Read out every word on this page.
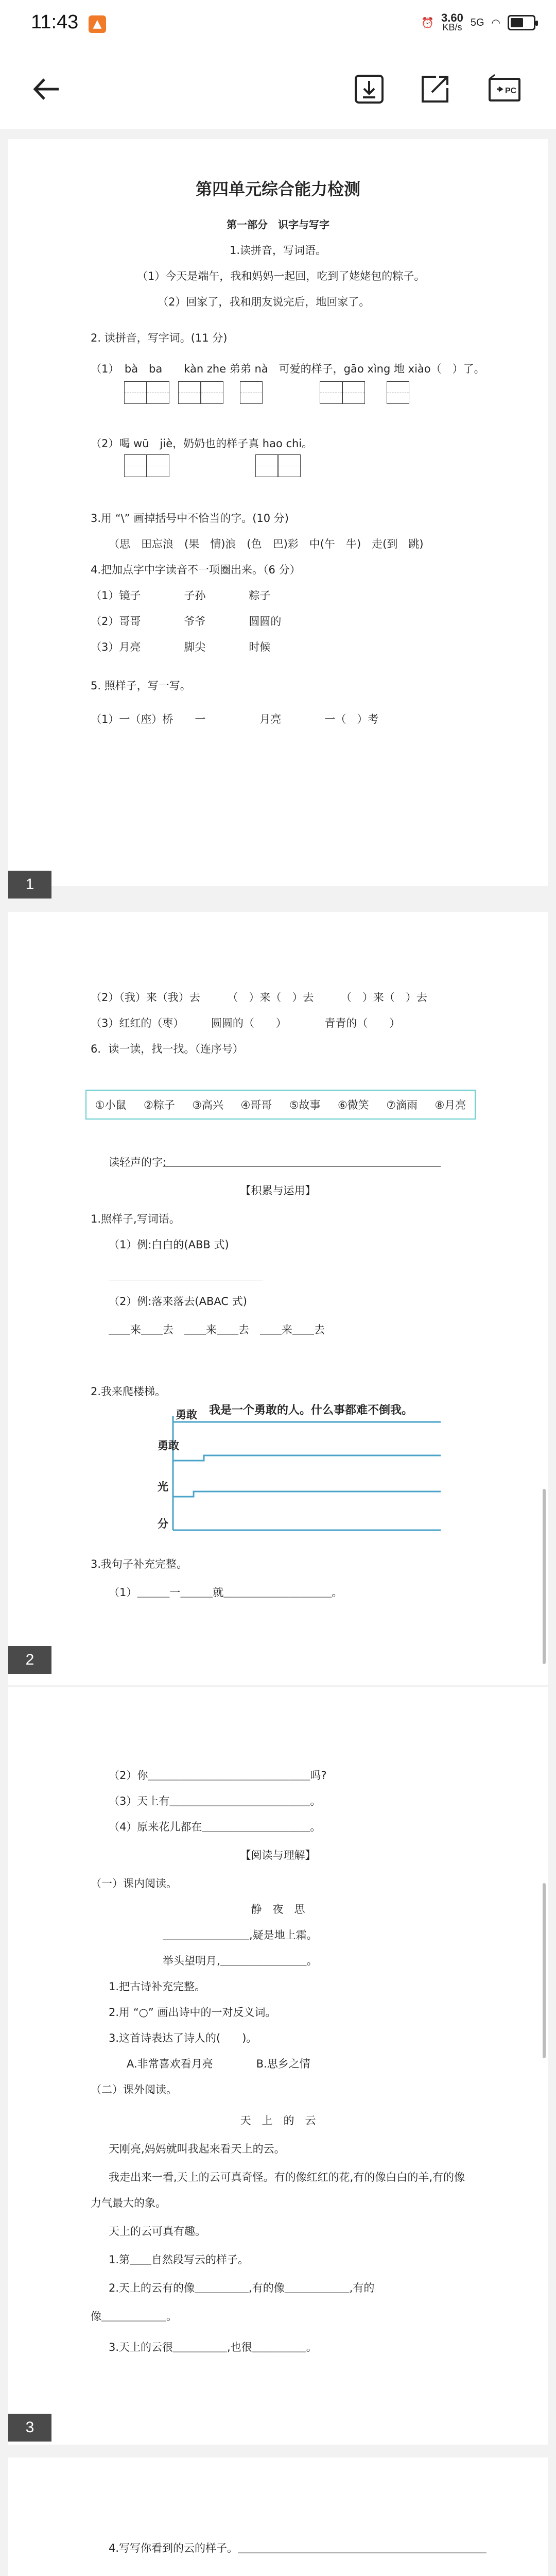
11:43	▲	⏰ 3.60
KB/s 5G ◠
PC
第四单元综合能力检测
第一部分　识字与写字
1.读拼音，写词语。
（1）今天是端午，我和妈妈一起回，吃到了姥姥包的粽子。
（2）回家了，我和朋友说完后，地回家了。
2. 读拼音，写字词。(11 分)
（1）　bà　ba　　kàn zhe 弟弟 nà　可爱的样子，gāo xìng 地 xiào（　）了。
（2）喝 wū　jiè，奶奶也的样子真 hao chi。
3.用 “\” 画掉括号中不恰当的字。(10 分)
（思　田忘浪　(果　情)浪　(色　巴)彩　中(午　牛)　走(到　跳)
4.把加点字中字读音不一项圈出来。（6 分）
（1）镜子　　　　子孙　　　　粽子
（2）哥哥　　　　爷爷　　　　圆圆的
（3）月亮　　　　脚尖　　　　时候
5. 照样子，写一写。
（1）一（座）桥　　一　　　　　月亮　　　　一（　）考
1
（2）（我）来（我）去　　　（　）来（　）去　　　（　）来（　）去
（3）红红的（枣）　　　圆圆的（　　）　　　　青青的（　　）
6．读一读，找一找。（连序号）
①小鼠 ②粽子 ③高兴 ④哥哥 ⑤故事 ⑥微笑 ⑦滴雨 ⑧月亮
读轻声的字:
【积累与运用】
1.照样子,写词语。
（1）例:白白的(ABB 式)
（2）例:落来落去(ABAC 式)
＿＿来＿＿去　＿＿来＿＿去　＿＿来＿＿去
2.我来爬楼梯。
我是一个勇敢的人。什么事都难不倒我。
勇敢
勇敢
光
分
3.我句子补充完整。
（1）＿＿＿一＿＿＿就＿＿＿＿＿＿＿＿＿＿。
2
（2）你＿＿＿＿＿＿＿＿＿＿＿＿＿＿＿吗?
（3）天上有＿＿＿＿＿＿＿＿＿＿＿＿＿。
（4）原来花儿都在＿＿＿＿＿＿＿＿＿＿。
【阅读与理解】
（一）课内阅读。
静　夜　思
＿＿＿＿＿＿＿＿,疑是地上霜。
举头望明月,＿＿＿＿＿＿＿＿。
1.把古诗补充完整。
2.用 “○” 画出诗中的一对反义词。
3.这首诗表达了诗人的(　　)。
A.非常喜欢看月亮　　　　B.思乡之情
（二）课外阅读。
天　上　的　云
天刚亮,妈妈就叫我起来看天上的云。
我走出来一看,天上的云可真奇怪。有的像红红的花,有的像白白的羊,有的像
力气最大的象。
天上的云可真有趣。
1.第＿＿自然段写云的样子。
2.天上的云有的像＿＿＿＿＿,有的像＿＿＿＿＿＿,有的
像＿＿＿＿＿＿。
3.天上的云很＿＿＿＿＿,也很＿＿＿＿＿。
3
4.写写你看到的云的样子。＿＿＿＿＿＿＿＿＿＿＿＿＿＿＿＿＿＿＿＿＿＿＿
